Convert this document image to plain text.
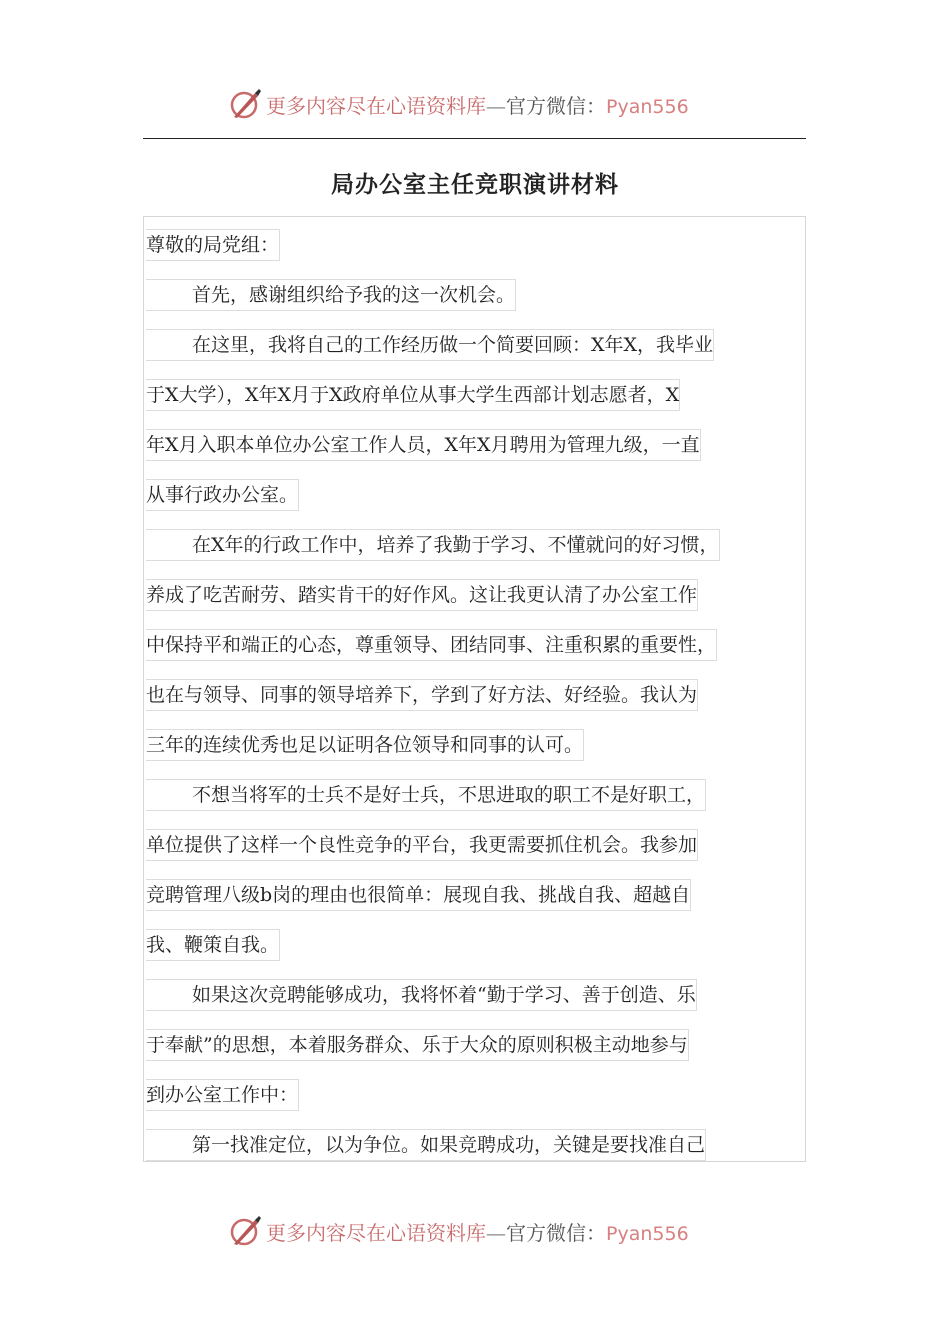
更多内容尽在心语资料库—官方微信：Pyan556
局办公室主任竞职演讲材料
尊敬的局党组：
首先，感谢组织给予我的这一次机会。
在这里，我将自己的工作经历做一个简要回顾：X年X，我毕业
于X大学），X年X月于X政府单位从事大学生西部计划志愿者，X
年X月入职本单位办公室工作人员，X年X月聘用为管理九级，一直
从事行政办公室。
在X年的行政工作中，培养了我勤于学习、不懂就问的好习惯，
养成了吃苦耐劳、踏实肯干的好作风。这让我更认清了办公室工作
中保持平和端正的心态，尊重领导、团结同事、注重积累的重要性，
也在与领导、同事的领导培养下，学到了好方法、好经验。我认为
三年的连续优秀也足以证明各位领导和同事的认可。
不想当将军的士兵不是好士兵，不思进取的职工不是好职工，
单位提供了这样一个良性竞争的平台，我更需要抓住机会。我参加
竞聘管理八级b岗的理由也很简单：展现自我、挑战自我、超越自
我、鞭策自我。
如果这次竞聘能够成功，我将怀着“勤于学习、善于创造、乐
于奉献”的思想，本着服务群众、乐于大众的原则积极主动地参与
到办公室工作中：
第一找准定位，以为争位。如果竞聘成功，关键是要找准自己
更多内容尽在心语资料库—官方微信：Pyan556
